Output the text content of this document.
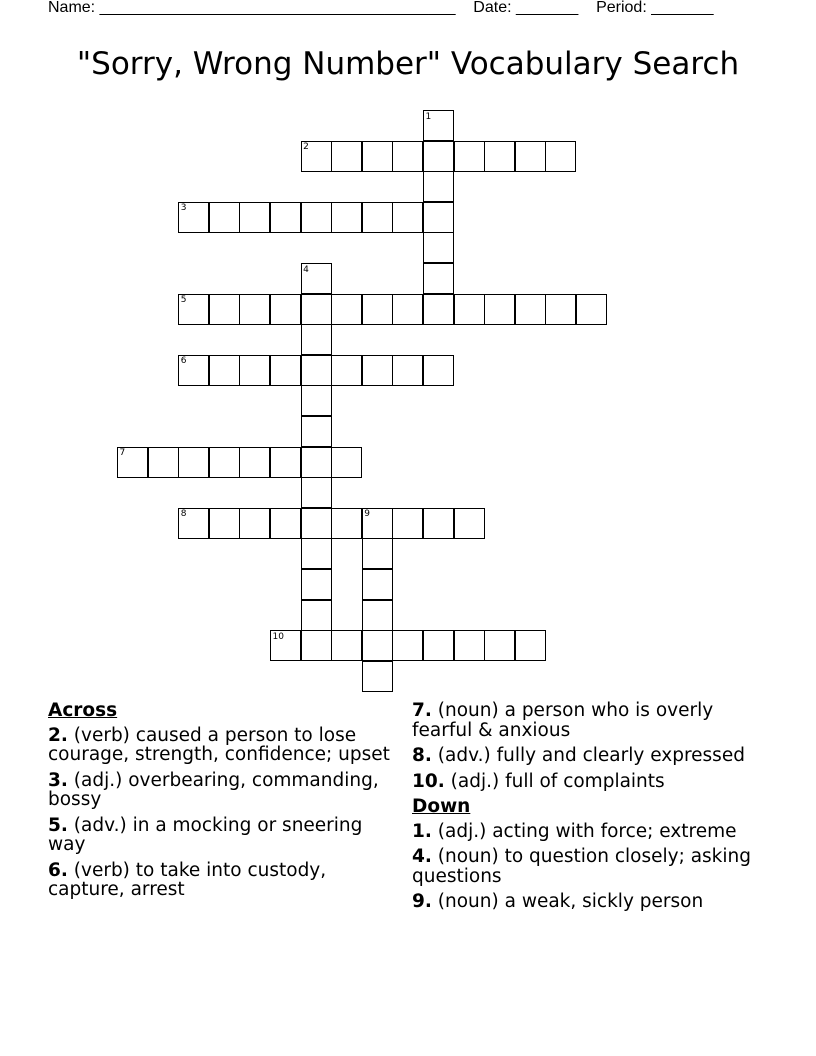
Name: ________________________________________ Date: _______ Period: _______
"Sorry, Wrong Number" Vocabulary Search
1
2
3
4
5
6
7
8	9
10
Across
2. (verb) caused a person to lose courage, strength, confidence; upset
3. (adj.) overbearing, commanding, bossy
5. (adv.) in a mocking or sneering way
6. (verb) to take into custody, capture, arrest
7. (noun) a person who is overly fearful & anxious
8. (adv.) fully and clearly expressed
10. (adj.) full of complaints
Down
1. (adj.) acting with force; extreme
4. (noun) to question closely; asking questions
9. (noun) a weak, sickly person
